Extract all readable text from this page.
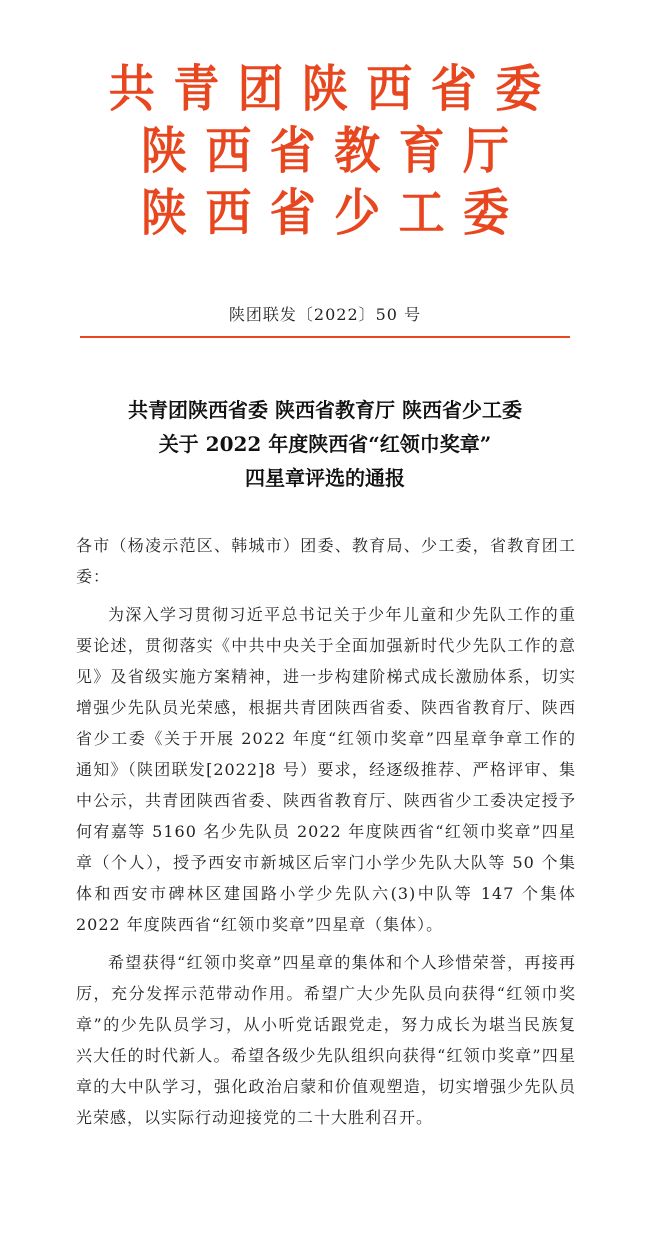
共青团陕西省委
陕西省教育厅
陕西省少工委
陕团联发〔2022〕50 号
共青团陕西省委 陕西省教育厅 陕西省少工委
关于 2022 年度陕西省“红领巾奖章”
四星章评选的通报

各市（杨凌示范区、韩城市）团委、教育局、少工委，省教育团工委：

为深入学习贯彻习近平总书记关于少年儿童和少先队工作的重要论述，贯彻落实《中共中央关于全面加强新时代少先队工作的意见》及省级实施方案精神，进一步构建阶梯式成长激励体系，切实增强少先队员光荣感，根据共青团陕西省委、陕西省教育厅、陕西省少工委《关于开展 2022 年度“红领巾奖章”四星章争章工作的通知》（陕团联发[2022]8 号）要求，经逐级推荐、严格评审、集中公示，共青团陕西省委、陕西省教育厅、陕西省少工委决定授予何宥嘉等 5160 名少先队员 2022 年度陕西省“红领巾奖章”四星章（个人），授予西安市新城区后宰门小学少先队大队等 50 个集体和西安市碑林区建国路小学少先队六(3)中队等 147 个集体 2022 年度陕西省“红领巾奖章”四星章（集体）。

希望获得“红领巾奖章”四星章的集体和个人珍惜荣誉，再接再厉，充分发挥示范带动作用。希望广大少先队员向获得“红领巾奖章”的少先队员学习，从小听党话跟党走，努力成长为堪当民族复兴大任的时代新人。希望各级少先队组织向获得“红领巾奖章”四星章的大中队学习，强化政治启蒙和价值观塑造，切实增强少先队员光荣感，以实际行动迎接党的二十大胜利召开。
